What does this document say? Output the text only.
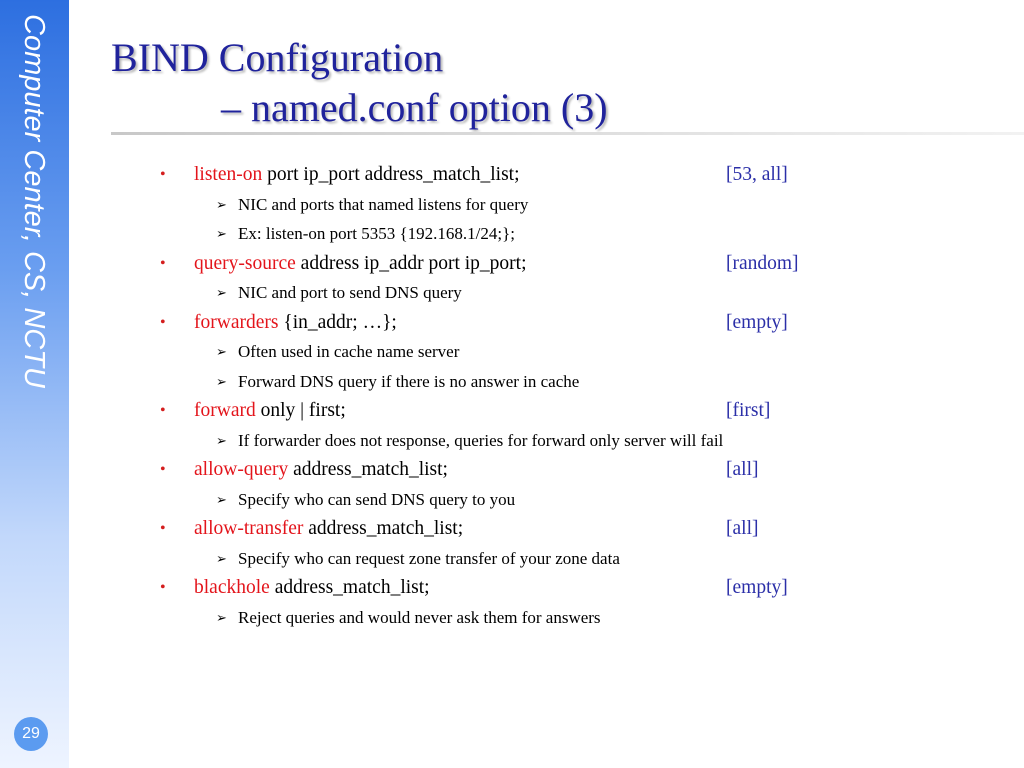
Computer Center, CS, NCTU
29
BIND Configuration
– named.conf option (3)
• listen-on port ip_port address_match_list;	[53, all]
➢ NIC and ports that named listens for query
➢ Ex: listen-on port 5353 {192.168.1/24;};
• query-source address ip_addr port ip_port;	[random]
➢ NIC and port to send DNS query
• forwarders {in_addr; …};	[empty]
➢ Often used in cache name server
➢ Forward DNS query if there is no answer in cache
• forward only | first;	[first]
➢ If forwarder does not response, queries for forward only server will fail
• allow-query address_match_list;	[all]
➢ Specify who can send DNS query to you
• allow-transfer address_match_list;	[all]
➢ Specify who can request zone transfer of your zone data
• blackhole address_match_list;	[empty]
➢ Reject queries and would never ask them for answers
